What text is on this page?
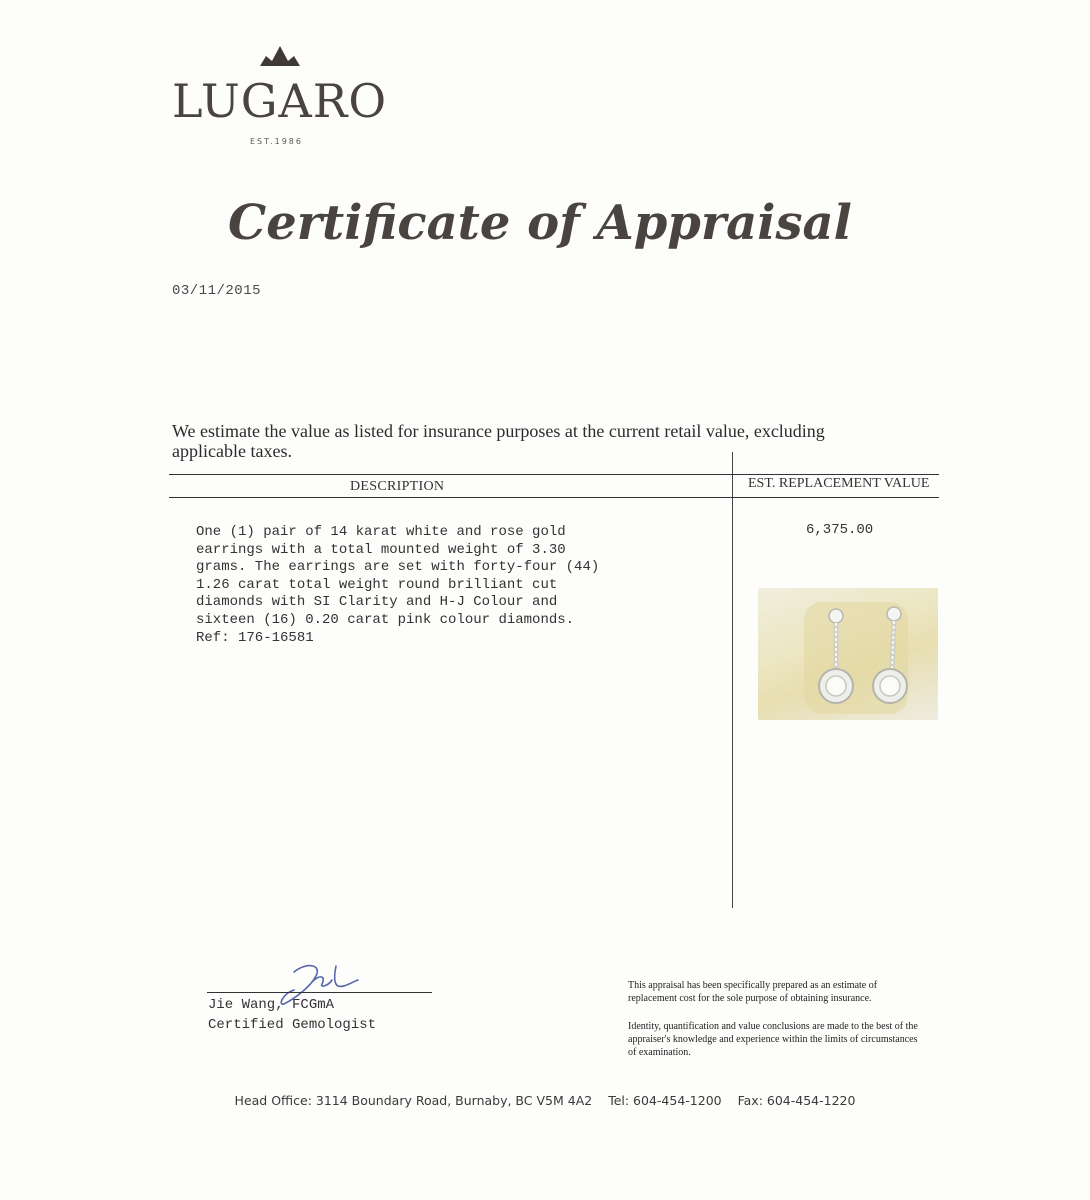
LUGARO
EST.1986
Certificate of Appraisal
03/11/2015
We estimate the value as listed for insurance purposes at the current retail value, excluding applicable taxes.
DESCRIPTION	EST. REPLACEMENT VALUE
One (1) pair of 14 karat white and rose gold
earrings with a total mounted weight of 3.30
grams. The earrings are set with forty-four (44)
1.26 carat total weight round brilliant cut
diamonds with SI Clarity and H-J Colour and
sixteen (16) 0.20 carat pink colour diamonds.
Ref: 176-16581
6,375.00
Jie Wang, FCGmA
Certified Gemologist
This appraisal has been specifically prepared as an estimate of replacement cost for the sole purpose of obtaining insurance.
Identity, quantification and value conclusions are made to the best of the appraiser's knowledge and experience within the limits of circumstances of examination.
Head Office: 3114 Boundary Road, Burnaby, BC V5M 4A2 Tel: 604-454-1200 Fax: 604-454-1220
